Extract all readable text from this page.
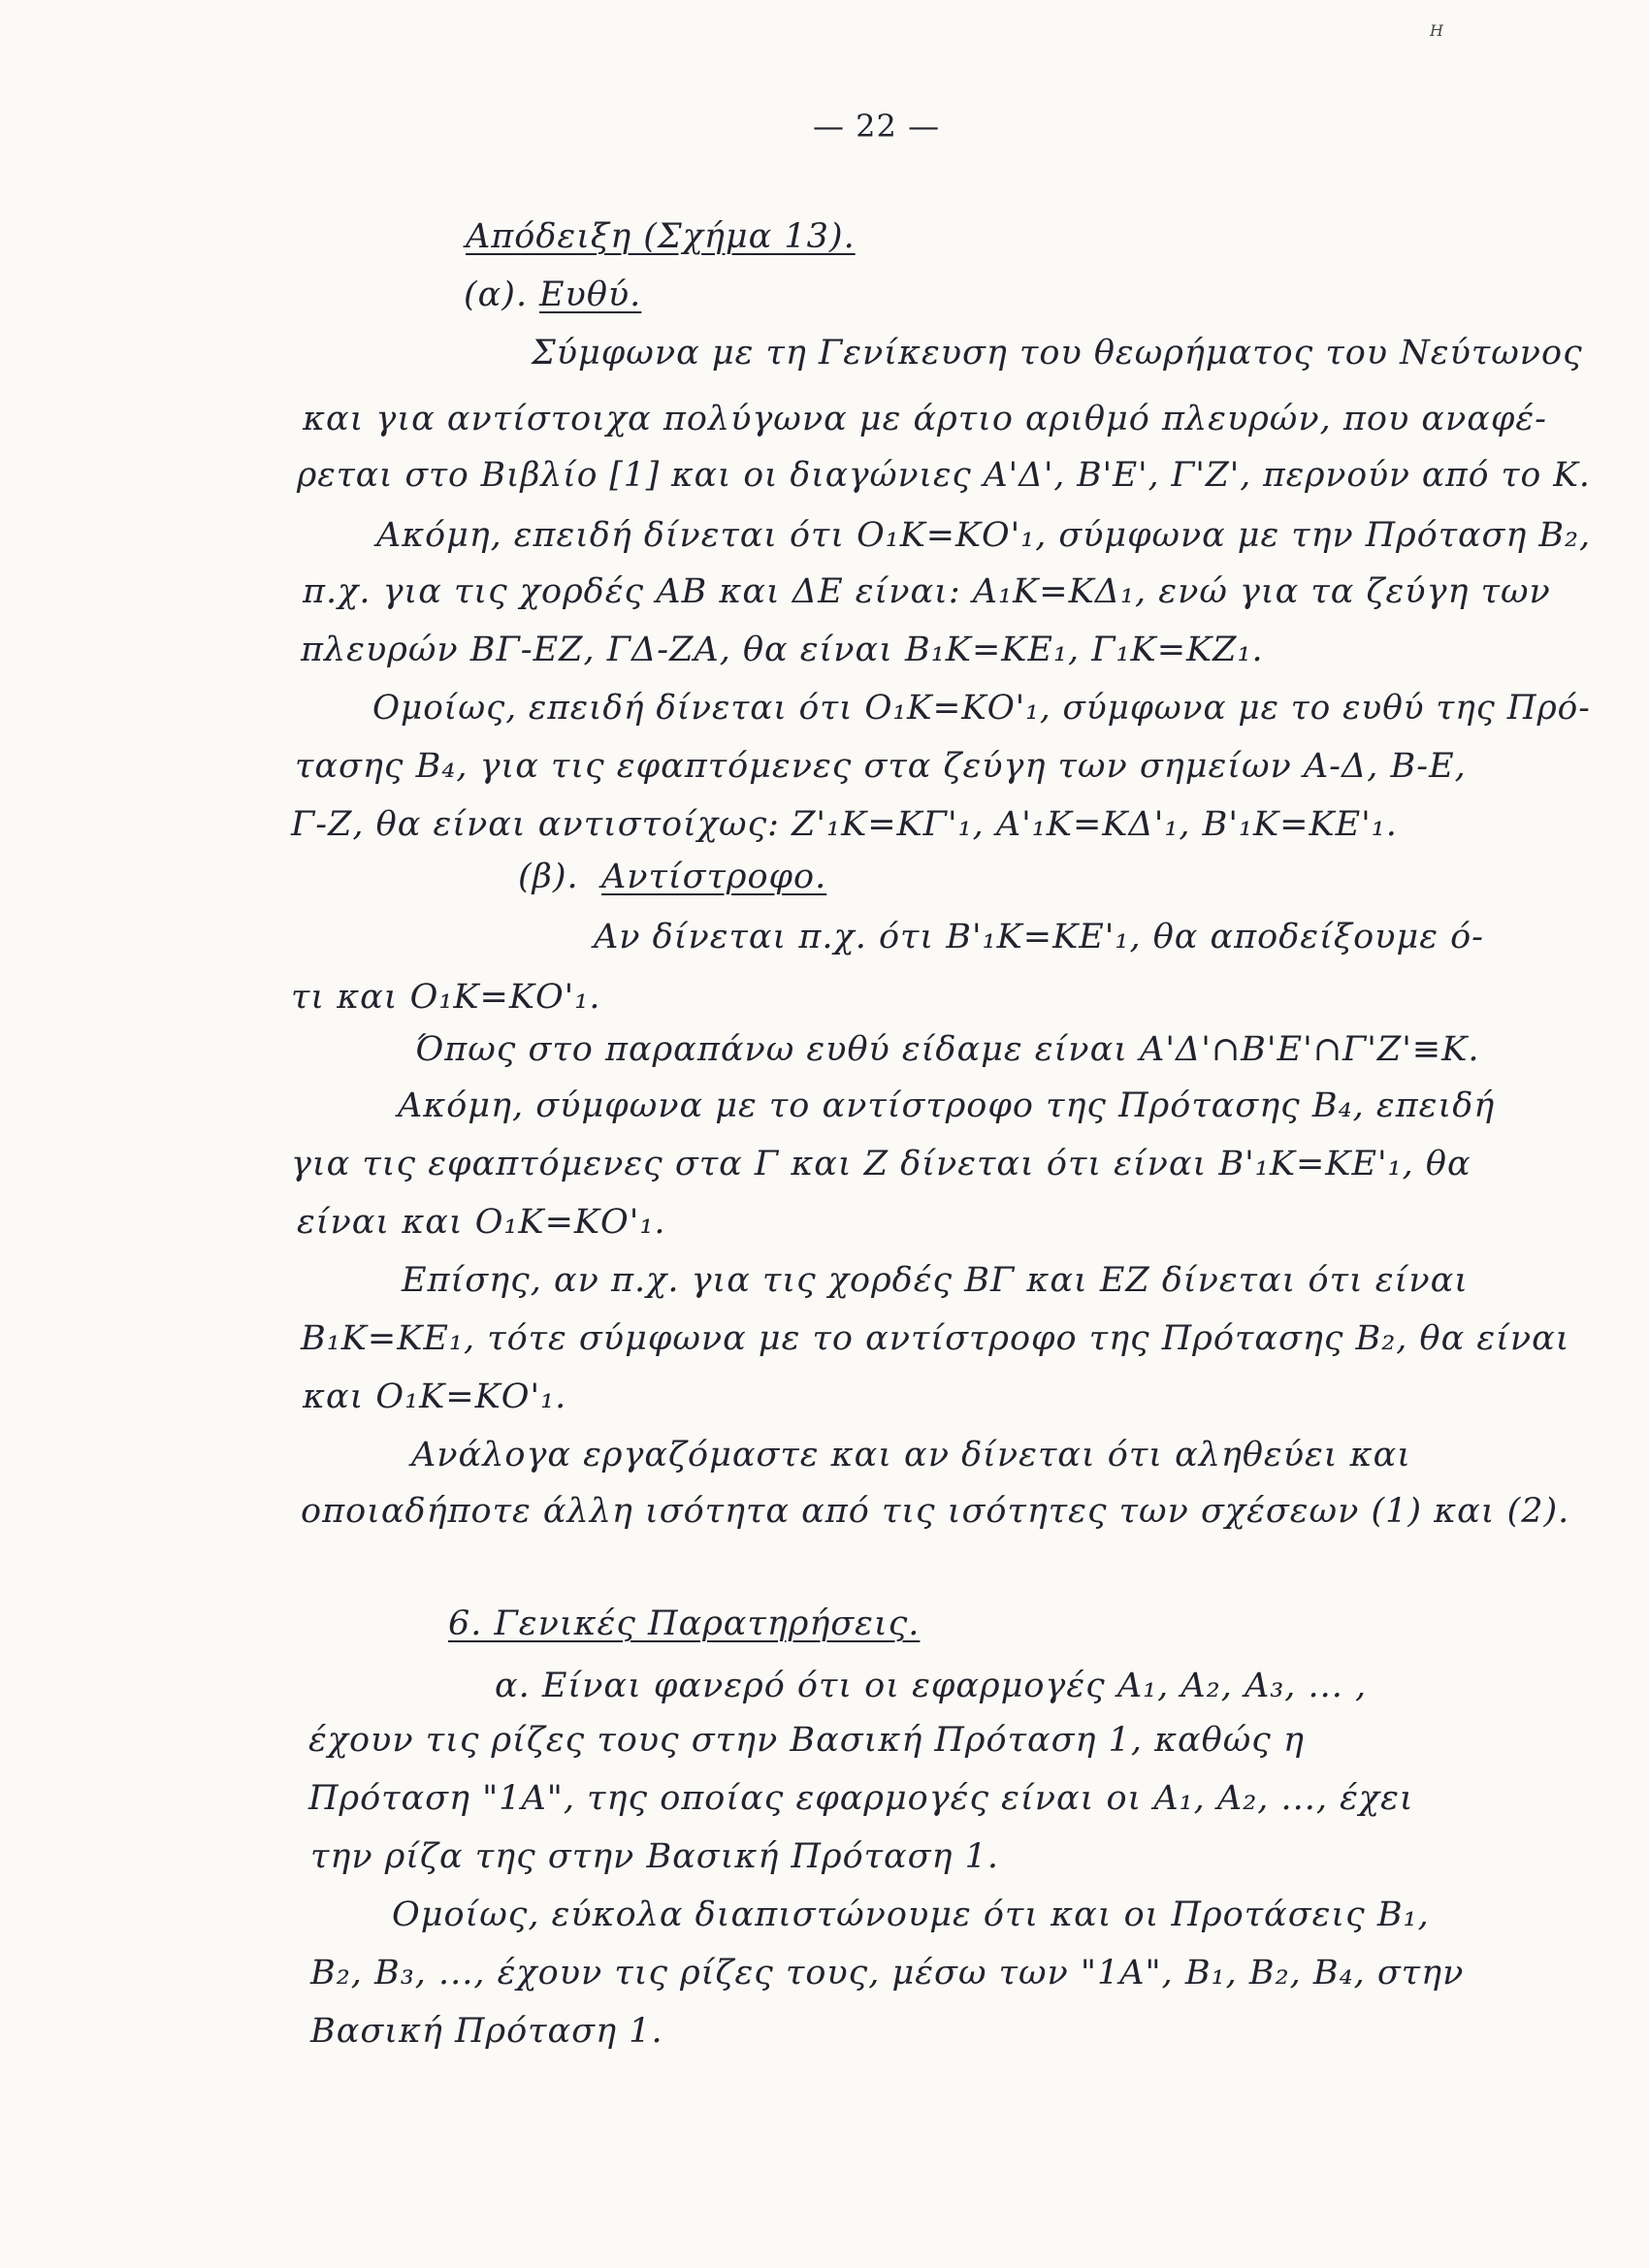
H
— 22 —
Απόδειξη (Σχήμα 13).
(α). Ευθύ.
Σύμφωνα με τη Γενίκευση του θεωρήματος του Νεύτωνος
και για αντίστοιχα πολύγωνα με άρτιο αριθμό πλευρών, που αναφέ-
ρεται στο Βιβλίο [1] και οι διαγώνιες Α'Δ', Β'Ε', Γ'Ζ', περνούν από το Κ.
Ακόμη, επειδή δίνεται ότι Ο₁Κ=ΚΟ'₁, σύμφωνα με την Πρόταση Β₂,
π.χ. για τις χορδές ΑΒ και ΔΕ είναι: Α₁Κ=ΚΔ₁, ενώ για τα ζεύγη των
πλευρών ΒΓ-ΕΖ, ΓΔ-ΖΑ, θα είναι Β₁Κ=ΚΕ₁, Γ₁Κ=ΚΖ₁.
Ομοίως, επειδή δίνεται ότι Ο₁Κ=ΚΟ'₁, σύμφωνα με το ευθύ της Πρό-
τασης Β₄, για τις εφαπτόμενες στα ζεύγη των σημείων Α-Δ, Β-Ε,
Γ-Ζ, θα είναι αντιστοίχως: Ζ'₁Κ=ΚΓ'₁, Α'₁Κ=ΚΔ'₁, Β'₁Κ=ΚΕ'₁.
(β). Αντίστροφο.
Αν δίνεται π.χ. ότι Β'₁Κ=ΚΕ'₁, θα αποδείξουμε ό-
τι και Ο₁Κ=ΚΟ'₁.
Όπως στο παραπάνω ευθύ είδαμε είναι Α'Δ'∩Β'Ε'∩Γ'Ζ'≡Κ.
Ακόμη, σύμφωνα με το αντίστροφο της Πρότασης Β₄, επειδή
για τις εφαπτόμενες στα Γ και Ζ δίνεται ότι είναι Β'₁Κ=ΚΕ'₁, θα
είναι και Ο₁Κ=ΚΟ'₁.
Επίσης, αν π.χ. για τις χορδές ΒΓ και ΕΖ δίνεται ότι είναι
Β₁Κ=ΚΕ₁, τότε σύμφωνα με το αντίστροφο της Πρότασης Β₂, θα είναι
και Ο₁Κ=ΚΟ'₁.
Ανάλογα εργαζόμαστε και αν δίνεται ότι αληθεύει και
οποιαδήποτε άλλη ισότητα από τις ισότητες των σχέσεων (1) και (2).
6. Γενικές Παρατηρήσεις.
α. Είναι φανερό ότι οι εφαρμογές Α₁, Α₂, Α₃, ... ,
έχουν τις ρίζες τους στην Βασική Πρόταση 1, καθώς η
Πρόταση "1Α", της οποίας εφαρμογές είναι οι Α₁, Α₂, ..., έχει
την ρίζα της στην Βασική Πρόταση 1.
Ομοίως, εύκολα διαπιστώνουμε ότι και οι Προτάσεις Β₁,
Β₂, Β₃, ..., έχουν τις ρίζες τους, μέσω των "1Α", Β₁, Β₂, Β₄, στην
Βασική Πρόταση 1.
